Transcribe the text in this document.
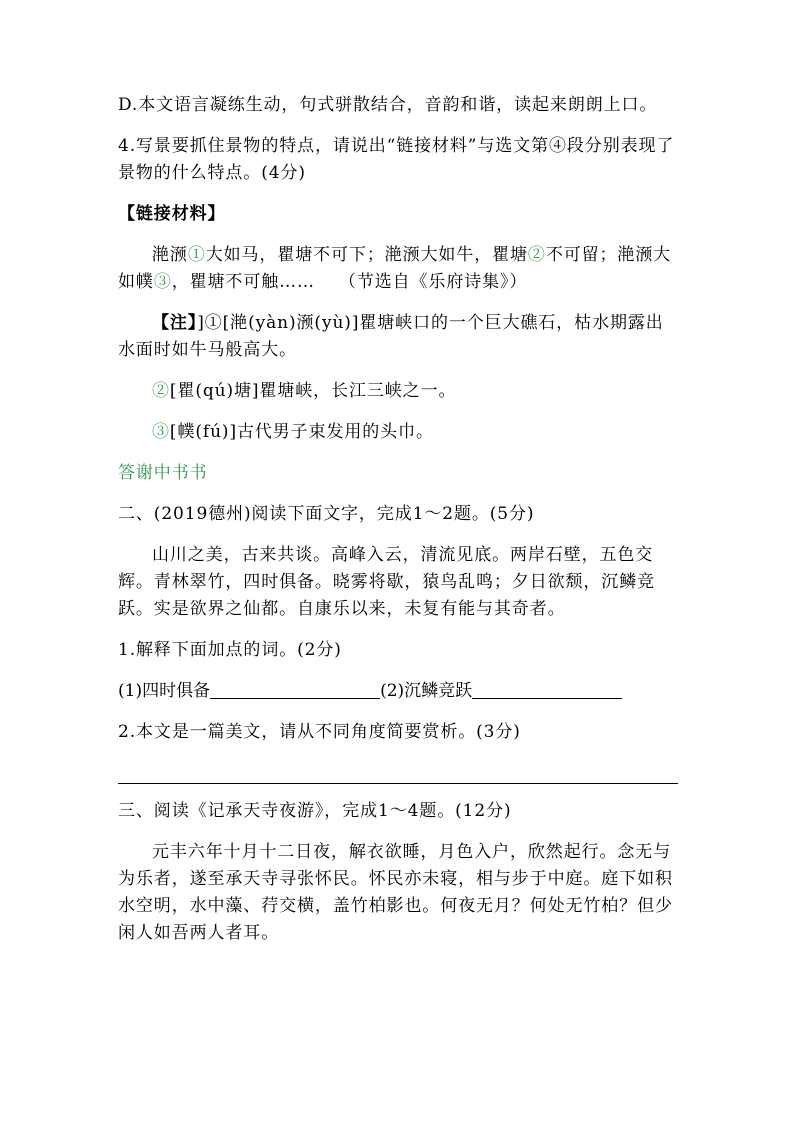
D.本文语言凝练生动，句式骈散结合，音韵和谐，读起来朗朗上口。

4.写景要抓住景物的特点，请说出“链接材料”与选文第④段分别表现了景物的什么特点。(4分)

【链接材料】

滟滪①大如马，瞿塘不可下；滟滪大如牛，瞿塘②不可留；滟滪大如幞③，瞿塘不可触…… （节选自《乐府诗集》）

【注】]①[滟(yàn)滪(yù)]瞿塘峡口的一个巨大礁石，枯水期露出水面时如牛马般高大。

②[瞿(qú)塘]瞿塘峡，长江三峡之一。

③[幞(fú)]古代男子束发用的头巾。

答谢中书书

二、(2019德州)阅读下面文字，完成1～2题。(5分)

山川之美，古来共谈。高峰入云，清流见底。两岸石壁，五色交辉。青林翠竹，四时俱备。晓雾将歇，猿鸟乱鸣；夕日欲颓，沉鳞竞跃。实是欲界之仙都。自康乐以来，未复有能与其奇者。

1.解释下面加点的词。(2分)

(1)四时俱备	(2)沉鳞竞跃

2.本文是一篇美文，请从不同角度简要赏析。(3分)

三、阅读《记承天寺夜游》，完成1～4题。(12分)

元丰六年十月十二日夜，解衣欲睡，月色入户，欣然起行。念无与为乐者，遂至承天寺寻张怀民。怀民亦未寝，相与步于中庭。庭下如积水空明，水中藻、荇交横，盖竹柏影也。何夜无月？何处无竹柏？但少闲人如吾两人者耳。
